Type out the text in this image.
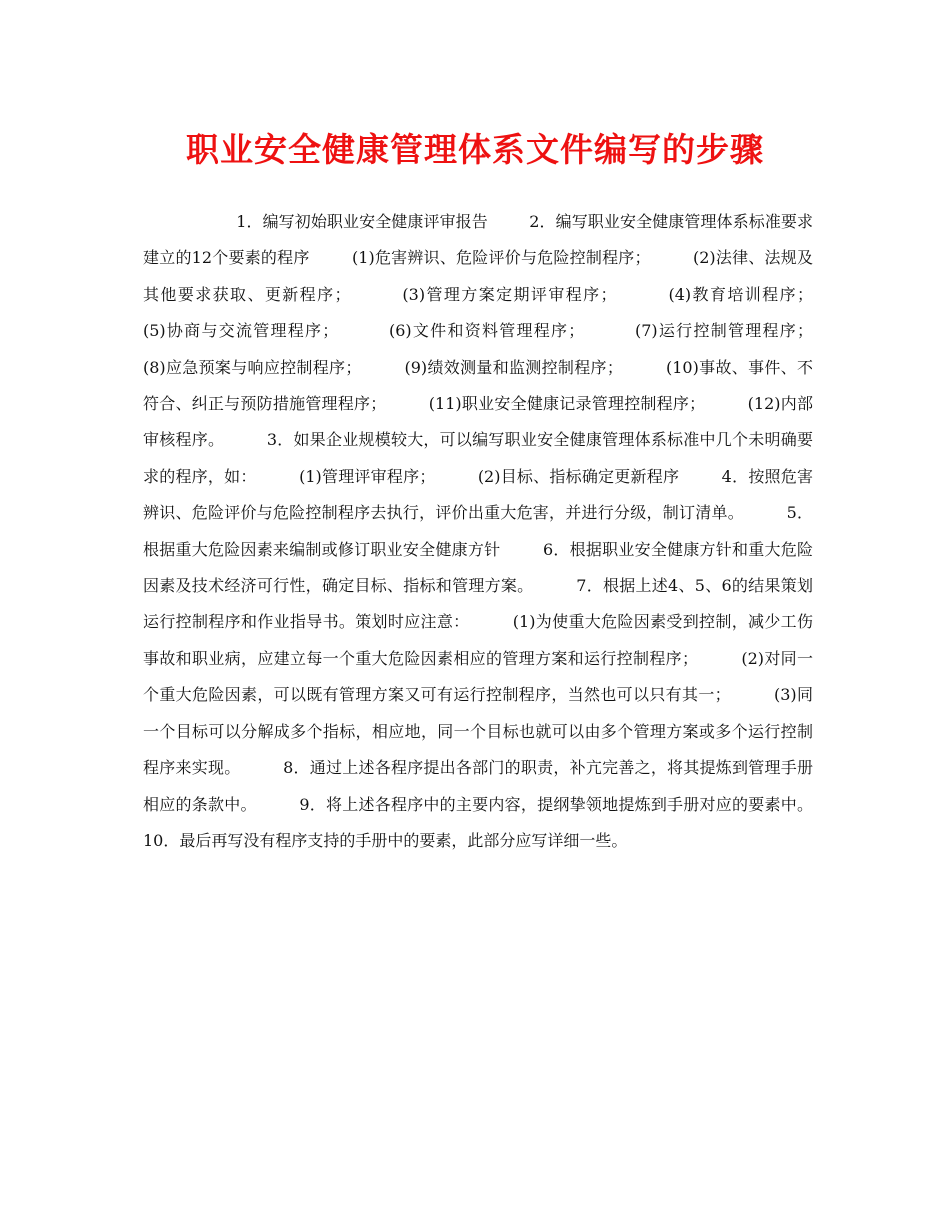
职业安全健康管理体系文件编写的步骤
1．编写初始职业安全健康评审报告        2．编写职业安全健康管理体系标准要求建立的12个要素的程序        (1)危害辨识、危险评价与危险控制程序；        (2)法律、法规及其他要求获取、更新程序；        (3)管理方案定期评审程序；        (4)教育培训程序；        (5)协商与交流管理程序；        (6)文件和资料管理程序；        (7)运行控制管理程序；        (8)应急预案与响应控制程序；        (9)绩效测量和监测控制程序；        (10)事故、事件、不符合、纠正与预防措施管理程序；        (11)职业安全健康记录管理控制程序；        (12)内部审核程序。        3．如果企业规模较大，可以编写职业安全健康管理体系标准中几个未明确要求的程序，如：        (1)管理评审程序；        (2)目标、指标确定更新程序        4．按照危害辨识、危险评价与危险控制程序去执行，评价出重大危害，并进行分级，制订清单。        5．根据重大危险因素来编制或修订职业安全健康方针        6．根据职业安全健康方针和重大危险因素及技术经济可行性，确定目标、指标和管理方案。        7．根据上述4、5、6的结果策划运行控制程序和作业指导书。策划时应注意：        (1)为使重大危险因素受到控制，减少工伤事故和职业病，应建立每一个重大危险因素相应的管理方案和运行控制程序；        (2)对同一个重大危险因素，可以既有管理方案又可有运行控制程序，当然也可以只有其一；        (3)同一个目标可以分解成多个指标，相应地，同一个目标也就可以由多个管理方案或多个运行控制程序来实现。        8．通过上述各程序提出各部门的职责，补亢完善之，将其提炼到管理手册相应的条款中。        9．将上述各程序中的主要内容，提纲挚领地提炼到手册对应的要素中。        10．最后再写没有程序支持的手册中的要素，此部分应写详细一些。
